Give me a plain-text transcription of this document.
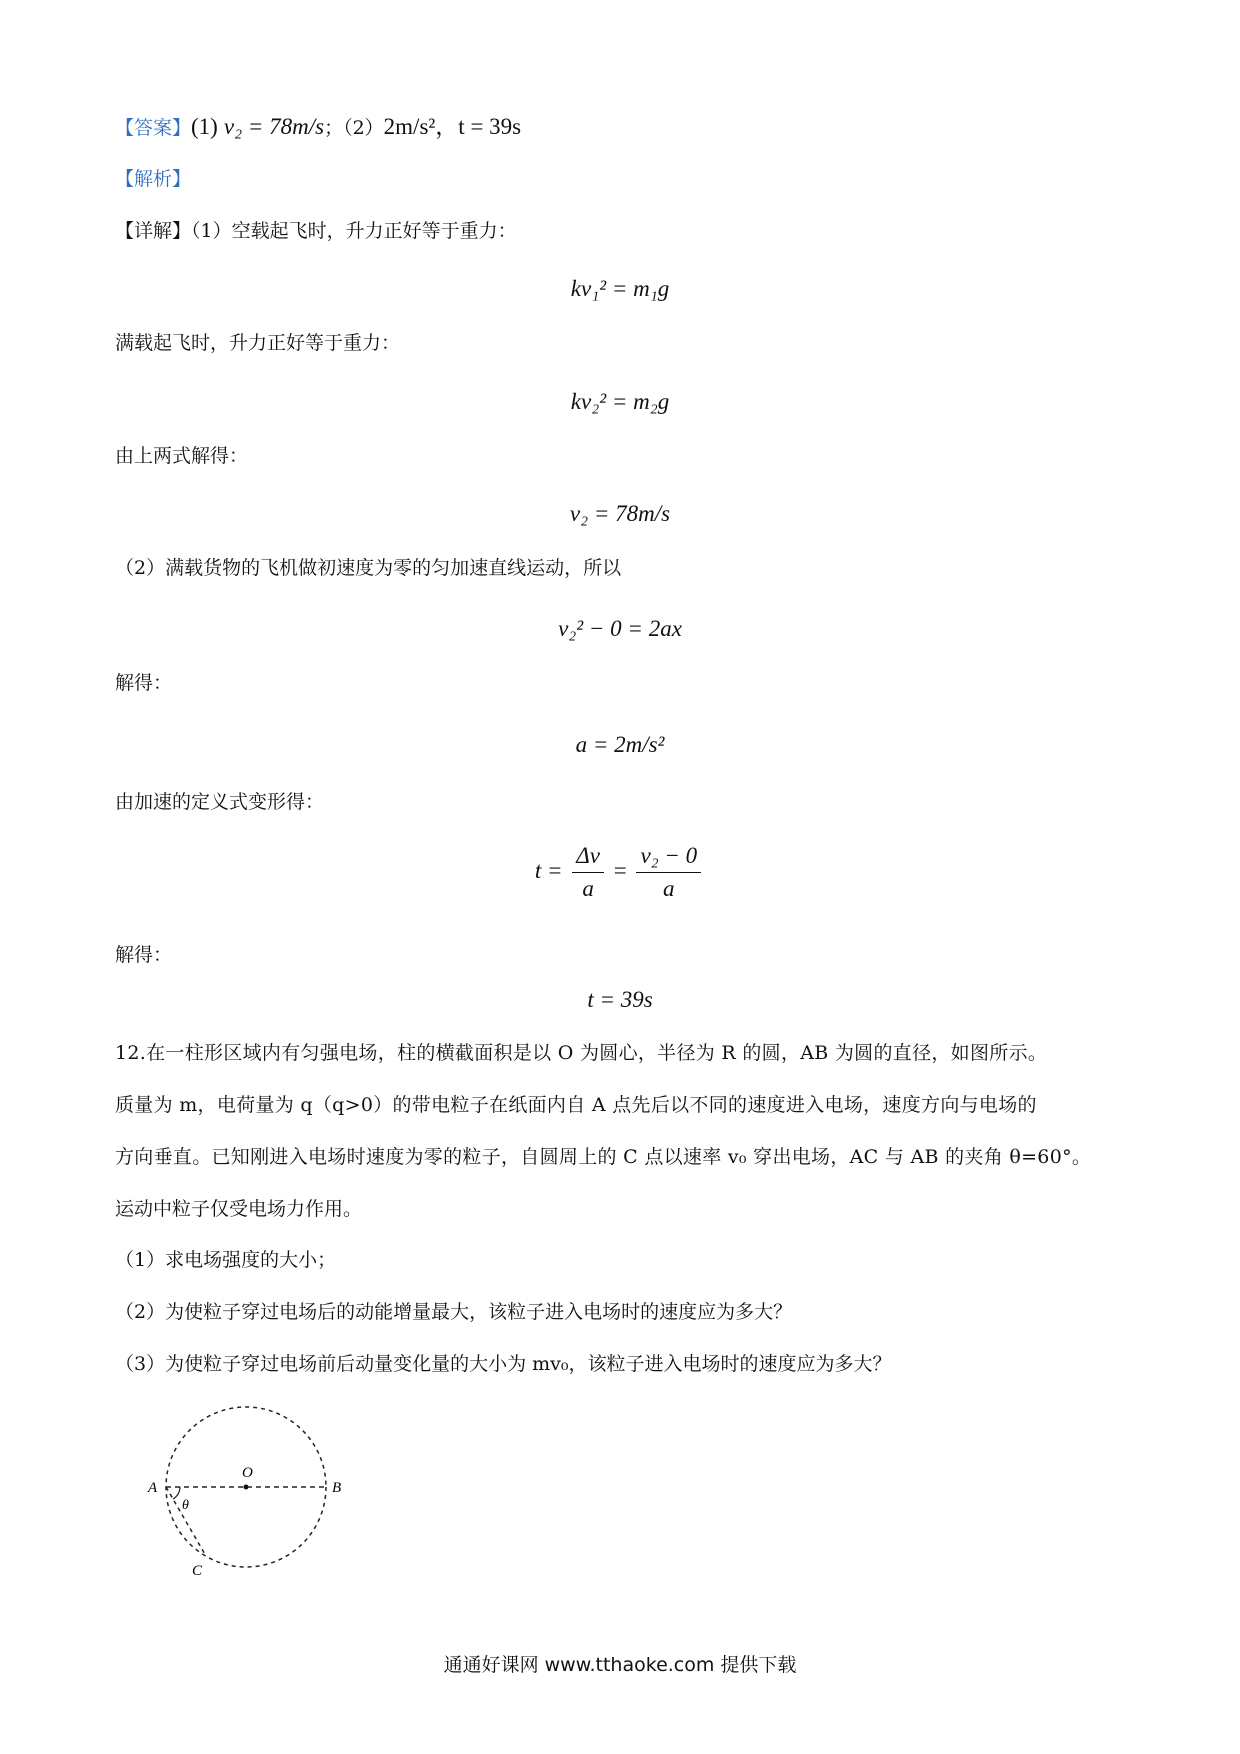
【答案】(1) v₂ = 78m/s；（2）2m/s²，t = 39s
【解析】
【详解】（1）空载起飞时，升力正好等于重力：
kv₁² = m₁g
满载起飞时，升力正好等于重力：
kv₂² = m₂g
由上两式解得：
v₂ = 78m/s
（2）满载货物的飞机做初速度为零的匀加速直线运动，所以
v₂² − 0 = 2ax
解得：
a = 2m/s²
由加速的定义式变形得：
$t = \frac{\Delta v}{a} = \frac{\text{v₂ − 0}}{a}$
解得：
t = 39s
12.在一柱形区域内有匀强电场，柱的横截面积是以 O 为圆心，半径为 R 的圆，AB 为圆的直径，如图所示。
质量为 m，电荷量为 q（q>0）的带电粒子在纸面内自 A 点先后以不同的速度进入电场，速度方向与电场的
方向垂直。已知刚进入电场时速度为零的粒子，自圆周上的 C 点以速率 v₀ 穿出电场，AC 与 AB 的夹角 θ=60°。
运动中粒子仅受电场力作用。
（1）求电场强度的大小；
（2）为使粒子穿过电场后的动能增量最大，该粒子进入电场时的速度应为多大？
（3）为使粒子穿过电场前后动量变化量的大小为 mv₀，该粒子进入电场时的速度应为多大？
O
A	B
C
θ
通通好课网 www.tthaoke.com 提供下载
